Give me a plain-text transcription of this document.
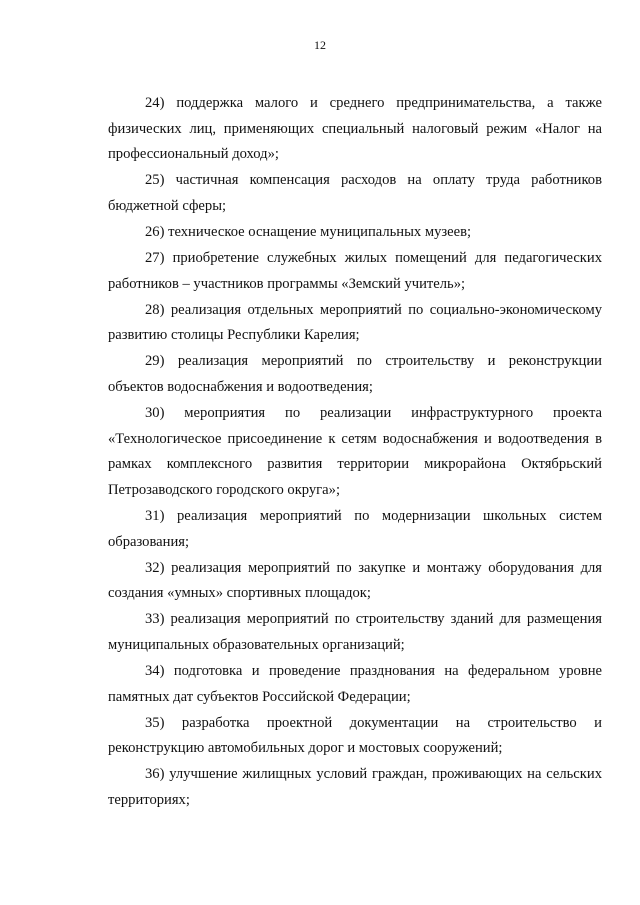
12

24) поддержка малого и среднего предпринимательства, а также физических лиц, применяющих специальный налоговый режим «Налог на профессиональный доход»;

25) частичная компенсация расходов на оплату труда работников бюджетной сферы;

26) техническое оснащение муниципальных музеев;

27) приобретение служебных жилых помещений для педагогических работников – участников программы «Земский учитель»;

28) реализация отдельных мероприятий по социально-экономическому развитию столицы Республики Карелия;

29) реализация мероприятий по строительству и реконструкции объектов водоснабжения и водоотведения;

30) мероприятия по реализации инфраструктурного проекта «Технологическое присоединение к сетям водоснабжения и водоотведения в рамках комплексного развития территории микрорайона Октябрьский Петрозаводского городского округа»;

31) реализация мероприятий по модернизации школьных систем образования;

32) реализация мероприятий по закупке и монтажу оборудования для создания «умных» спортивных площадок;

33) реализация мероприятий по строительству зданий для размещения муниципальных образовательных организаций;

34) подготовка и проведение празднования на федеральном уровне памятных дат субъектов Российской Федерации;

35) разработка проектной документации на строительство и реконструкцию автомобильных дорог и мостовых сооружений;

36) улучшение жилищных условий граждан, проживающих на сельских территориях;
